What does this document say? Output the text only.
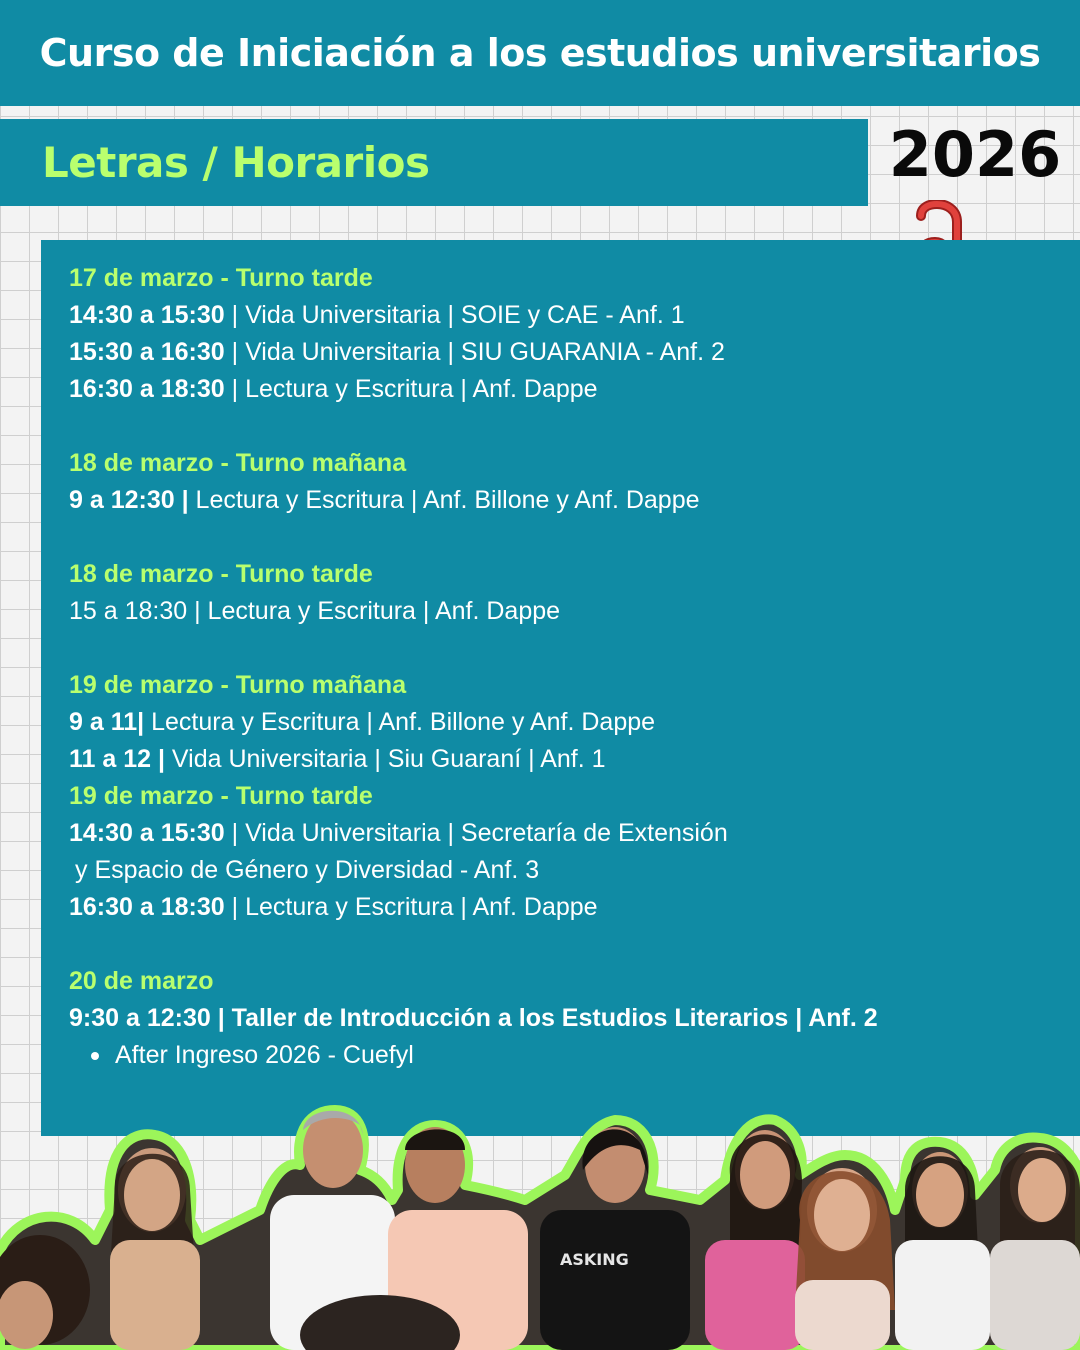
Curso de Iniciación a los estudios universitarios
Letras / Horarios	2026
17 de marzo - Turno tarde
14:30 a 15:30 | Vida Universitaria | SOIE y CAE - Anf. 1
15:30 a 16:30 | Vida Universitaria | SIU GUARANIA - Anf. 2
16:30 a 18:30 | Lectura y Escritura | Anf. Dappe
18 de marzo - Turno mañana
9 a 12:30 | Lectura y Escritura | Anf. Billone y Anf. Dappe
18 de marzo - Turno tarde
15 a 18:30 | Lectura y Escritura | Anf. Dappe
19 de marzo - Turno mañana
9 a 11| Lectura y Escritura | Anf. Billone y Anf. Dappe
11 a 12 | Vida Universitaria | Siu Guaraní | Anf. 1
19 de marzo - Turno tarde
14:30 a 15:30 | Vida Universitaria | Secretaría de Extensión
y Espacio de Género y Diversidad - Anf. 3
16:30 a 18:30 | Lectura y Escritura | Anf. Dappe
20 de marzo
9:30 a 12:30 | Taller de Introducción a los Estudios Literarios | Anf. 2
After Ingreso 2026 - Cuefyl
ASKING
